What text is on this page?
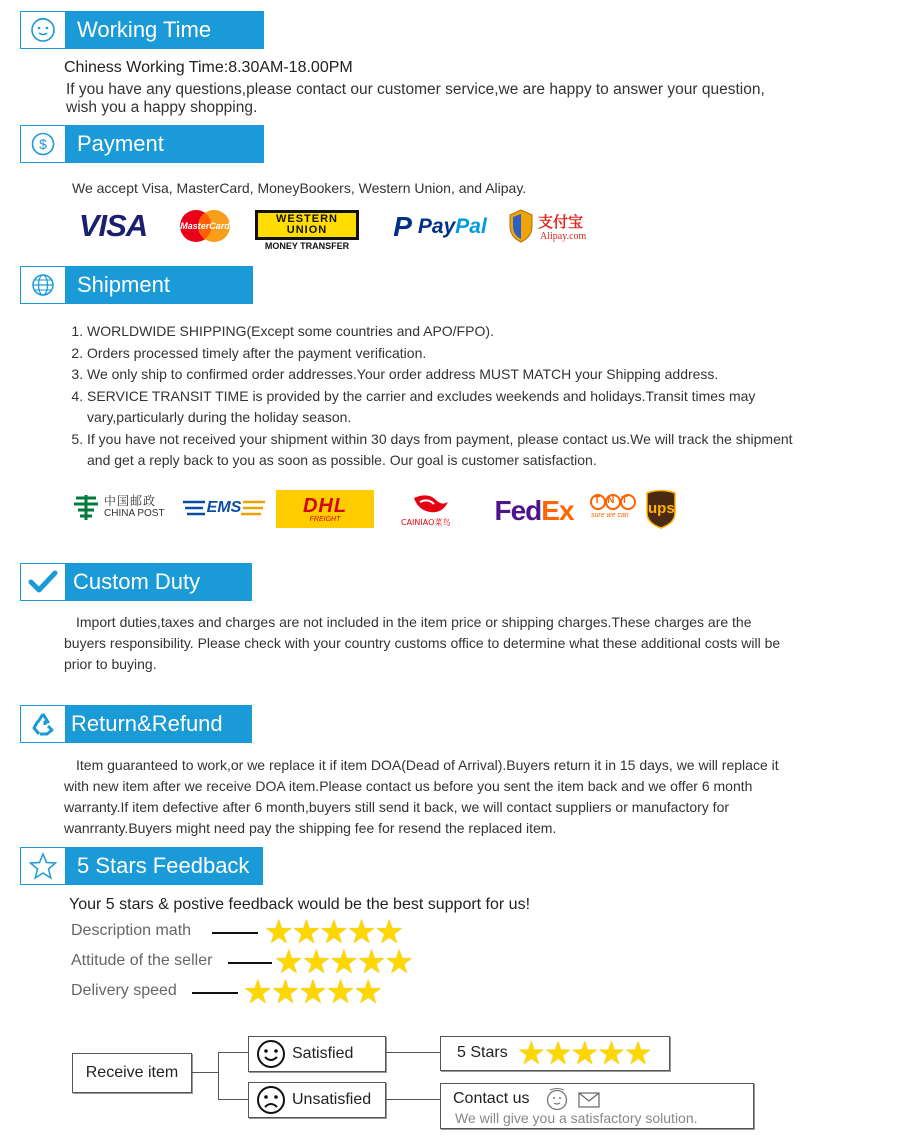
Working Time
Chiness Working Time:8.30AM-18.00PM
If you have any questions,please contact our customer service,we are happy to answer your question,
wish you a happy shopping.
$	Payment
We accept Visa, MasterCard, MoneyBookers, Western Union, and Alipay.
VISA	MasterCard
WESTERN
UNION
MONEY TRANSFER
P Pay Pal	支付宝
Alipay.com
Shipment
1. WORLDWIDE SHIPPING(Except some countries and APO/FPO).
2. Orders processed timely after the payment verification.
3. We only ship to confirmed order addresses.Your order address MUST MATCH your Shipping address.
4. SERVICE TRANSIT TIME is provided by the carrier and excludes weekends and holidays.Transit times may vary,particularly during the holiday season.
5. If you have not received your shipment within 30 days from payment, please contact us.We will track the shipment and get a reply back to you as soon as possible. Our goal is customer satisfaction.
中国邮政
CHINA POST	EMS	DHL
FREIGHT	CAINIAO菜鸟 Fed Ex TNT
sure we can ups
Custom Duty
Import duties,taxes and charges are not included in the item price or shipping charges.These charges are the buyers responsibility. Please check with your country customs office to determine what these additional costs will be prior to buying.
Return&Refund
Item guaranteed to work,or we replace it if item DOA(Dead of Arrival).Buyers return it in 15 days, we will replace it with new item after we receive DOA item.Please contact us before you sent the item back and we offer 6 month warranty.If item defective after 6 month,buyers still send it back, we will contact suppliers or manufactory for wanrranty.Buyers might need pay the shipping fee for resend the replaced item.
5 Stars Feedback
Your 5 stars & postive feedback would be the best support for us!
Description math ★★★★★
Attitude of the seller ★★★★★
Delivery speed ★★★★★
Receive item
Satisfied
Unsatisfied
5 Stars ★★★★★
Contact us
We will give you a satisfactory solution.
